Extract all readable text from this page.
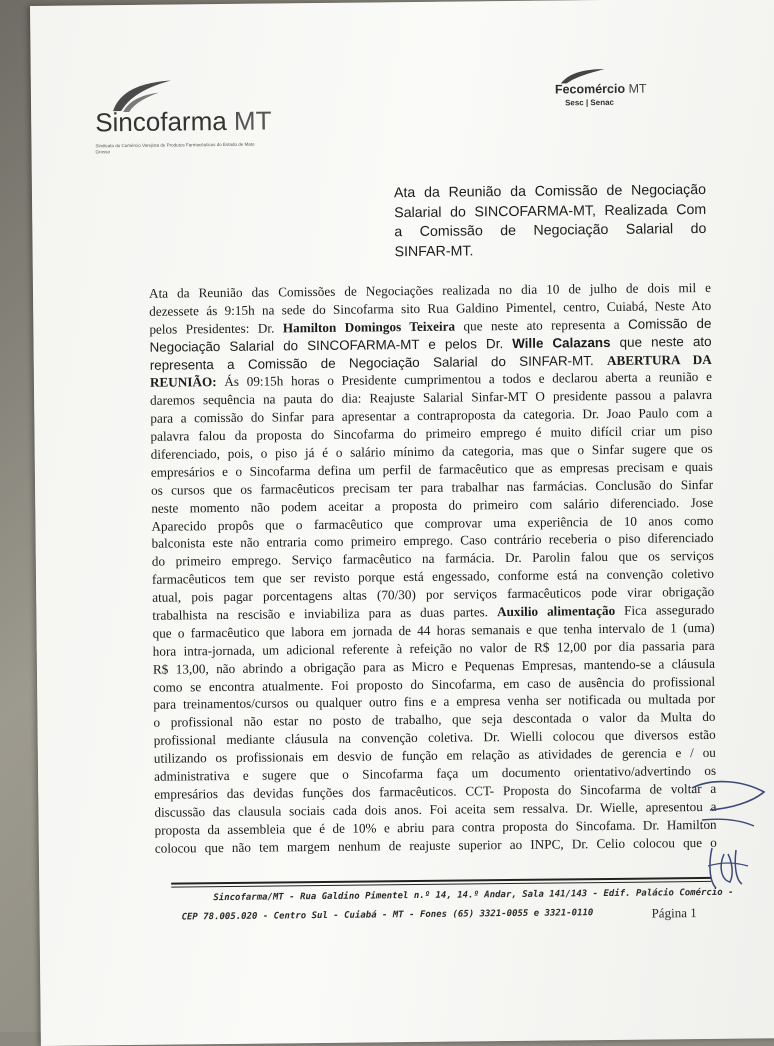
Sincofarma MT
Sindicato do Comércio Varejista de Produtos Farmacêuticos do Estado de Mato Grosso
Fecomércio MT
Sesc | Senac
Ata da Reunião da Comissão de Negociação
Salarial do SINCOFARMA-MT, Realizada Com
a Comissão de Negociação Salarial do
SINFAR-MT.
Ata da Reunião das Comissões de Negociações realizada no dia 10 de julho de dois mil e
dezessete ás 9:15h na sede do Sincofarma sito Rua Galdino Pimentel, centro, Cuiabá, Neste Ato
pelos Presidentes: Dr. Hamilton Domingos Teixeira que neste ato representa a Comissão de
Negociação Salarial do SINCOFARMA-MT e pelos Dr. Wille Calazans que neste ato
representa a Comissão de Negociação Salarial do SINFAR-MT. ABERTURA DA
REUNIÃO: Ás 09:15h horas o Presidente cumprimentou a todos e declarou aberta a reunião e
daremos sequência na pauta do dia: Reajuste Salarial Sinfar-MT O presidente passou a palavra
para a comissão do Sinfar para apresentar a contraproposta da categoria. Dr. Joao Paulo com a
palavra falou da proposta do Sincofarma do primeiro emprego é muito difícil criar um piso
diferenciado, pois, o piso já é o salário mínimo da categoria, mas que o Sinfar sugere que os
empresários e o Sincofarma defina um perfil de farmacêutico que as empresas precisam e quais
os cursos que os farmacêuticos precisam ter para trabalhar nas farmácias. Conclusão do Sinfar
neste momento não podem aceitar a proposta do primeiro com salário diferenciado. Jose
Aparecido propôs que o farmacêutico que comprovar uma experiência de 10 anos como
balconista este não entraria como primeiro emprego. Caso contrário receberia o piso diferenciado
do primeiro emprego. Serviço farmacêutico na farmácia. Dr. Parolin falou que os serviços
farmacêuticos tem que ser revisto porque está engessado, conforme está na convenção coletivo
atual, pois pagar porcentagens altas (70/30) por serviços farmacêuticos pode virar obrigação
trabalhista na rescisão e inviabiliza para as duas partes. Auxilio alimentação Fica assegurado
que o farmacêutico que labora em jornada de 44 horas semanais e que tenha intervalo de 1 (uma)
hora intra-jornada, um adicional referente à refeição no valor de R$ 12,00 por dia passaria para
R$ 13,00, não abrindo a obrigação para as Micro e Pequenas Empresas, mantendo-se a cláusula
como se encontra atualmente. Foi proposto do Sincofarma, em caso de ausência do profissional
para treinamentos/cursos ou qualquer outro fins e a empresa venha ser notificada ou multada por
o profissional não estar no posto de trabalho, que seja descontada o valor da Multa do
profissional mediante cláusula na convenção coletiva. Dr. Wielli colocou que diversos estão
utilizando os profissionais em desvio de função em relação as atividades de gerencia e / ou
administrativa e sugere que o Sincofarma faça um documento orientativo/advertindo os
empresários das devidas funções dos farmacêuticos. CCT- Proposta do Sincofarma de voltar a
discussão das clausula sociais cada dois anos. Foi aceita sem ressalva. Dr. Wielle, apresentou a
proposta da assembleia que é de 10% e abriu para contra proposta do Sincofama. Dr. Hamilton
colocou que não tem margem nenhum de reajuste superior ao INPC, Dr. Celio colocou que o
Sincofarma/MT - Rua Galdino Pimentel n.º 14, 14.º Andar, Sala 141/143 - Edif. Palácio Comércio -
CEP 78.005.020 - Centro Sul - Cuiabá - MT - Fones (65) 3321-0055 e 3321-0110	Página 1
